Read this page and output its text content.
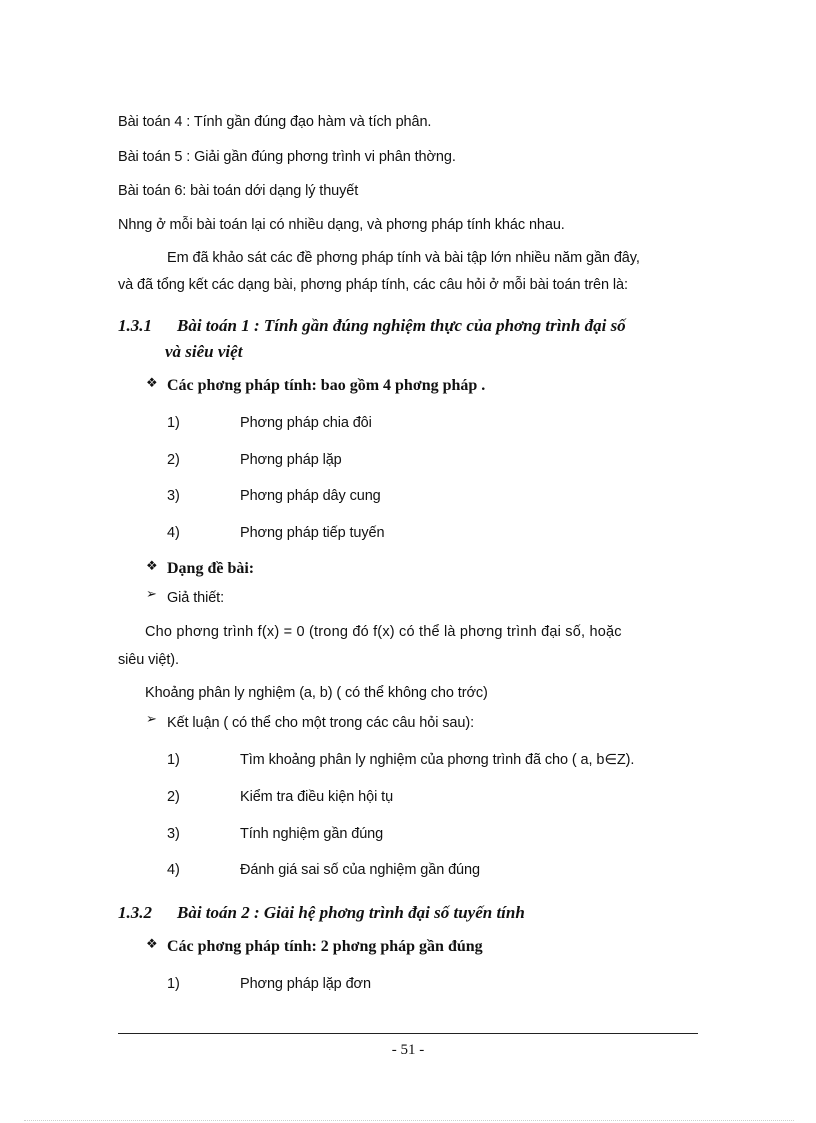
Bài toán 4 : Tính gần đúng đạo hàm và tích phân.
Bài toán 5 : Giải gần đúng phơng trình vi phân thờng.
Bài toán 6: bài toán dới dạng lý thuyết
Nhng ở mỗi bài toán lại có nhiều dạng, và phơng pháp tính khác nhau.
Em đã khảo sát các đề phơng pháp tính và bài tập lớn nhiều năm gần đây,
và đã tổng kết các dạng bài, phơng pháp tính, các câu hỏi ở mỗi bài toán trên là:
1.3.1 Bài toán 1 : Tính gần đúng nghiệm thực của phơng trình đại số
và siêu việt
❖ Các phơng pháp tính: bao gồm 4 phơng pháp .
1)	Phơng pháp chia đôi
2)	Phơng pháp lặp
3)	Phơng pháp dây cung
4)	Phơng pháp tiếp tuyến
❖ Dạng đề bài:
➢ Giả thiết:
Cho phơng trình f(x) = 0 (trong đó f(x) có thể là phơng trình đại số, hoặc
siêu việt).
Khoảng phân ly nghiệm (a, b) ( có thể không cho trớc)
➢ Kết luận ( có thể cho một trong các câu hỏi sau):
1)	Tìm khoảng phân ly nghiệm của phơng trình đã cho ( a, b∈Z).
2)	Kiểm tra điều kiện hội tụ
3)	Tính nghiệm gần đúng
4)	Đánh giá sai số của nghiệm gần đúng
1.3.2 Bài toán 2 : Giải hệ phơng trình đại số tuyến tính
❖ Các phơng pháp tính: 2 phơng pháp gần đúng
1)	Phơng pháp lặp đơn
- 51 -
